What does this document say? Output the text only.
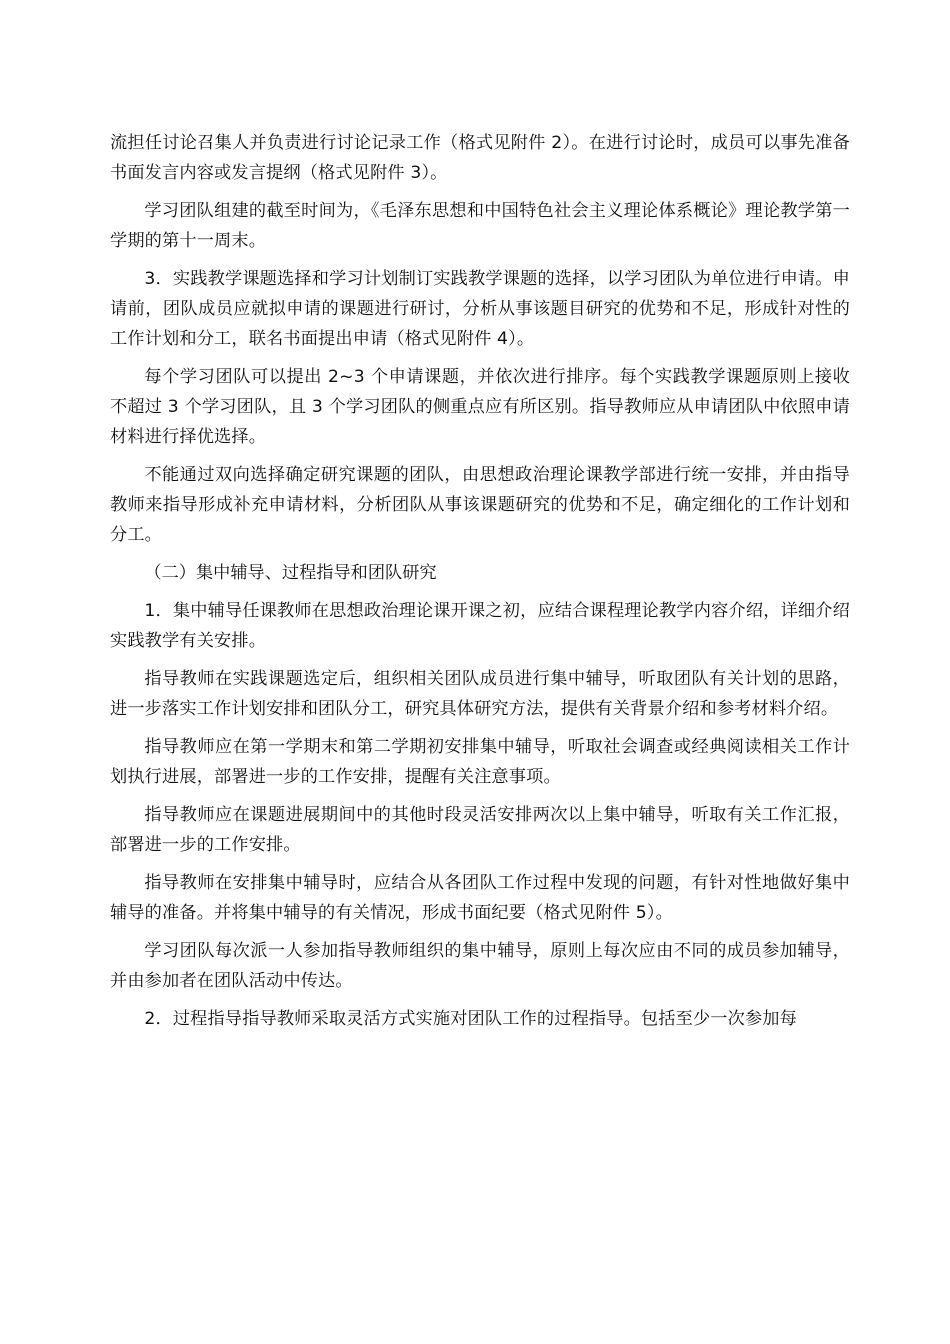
流担任讨论召集人并负责进行讨论记录工作（格式见附件 2）。在进行讨论时，成员可以事先准备书面发言内容或发言提纲（格式见附件 3）。

学习团队组建的截至时间为，《毛泽东思想和中国特色社会主义理论体系概论》理论教学第一学期的第十一周末。

3．实践教学课题选择和学习计划制订实践教学课题的选择，以学习团队为单位进行申请。申请前，团队成员应就拟申请的课题进行研讨，分析从事该题目研究的优势和不足，形成针对性的工作计划和分工，联名书面提出申请（格式见附件 4）。

每个学习团队可以提出 2~3 个申请课题，并依次进行排序。每个实践教学课题原则上接收不超过 3 个学习团队，且 3 个学习团队的侧重点应有所区别。指导教师应从申请团队中依照申请材料进行择优选择。

不能通过双向选择确定研究课题的团队，由思想政治理论课教学部进行统一安排，并由指导教师来指导形成补充申请材料，分析团队从事该课题研究的优势和不足，确定细化的工作计划和分工。

（二）集中辅导、过程指导和团队研究

1．集中辅导任课教师在思想政治理论课开课之初，应结合课程理论教学内容介绍，详细介绍实践教学有关安排。

指导教师在实践课题选定后，组织相关团队成员进行集中辅导，听取团队有关计划的思路，进一步落实工作计划安排和团队分工，研究具体研究方法，提供有关背景介绍和参考材料介绍。

指导教师应在第一学期末和第二学期初安排集中辅导，听取社会调查或经典阅读相关工作计划执行进展，部署进一步的工作安排，提醒有关注意事项。

指导教师应在课题进展期间中的其他时段灵活安排两次以上集中辅导，听取有关工作汇报，部署进一步的工作安排。

指导教师在安排集中辅导时，应结合从各团队工作过程中发现的问题，有针对性地做好集中辅导的准备。并将集中辅导的有关情况，形成书面纪要（格式见附件 5）。

学习团队每次派一人参加指导教师组织的集中辅导，原则上每次应由不同的成员参加辅导，并由参加者在团队活动中传达。

2．过程指导指导教师采取灵活方式实施对团队工作的过程指导。包括至少一次参加每
